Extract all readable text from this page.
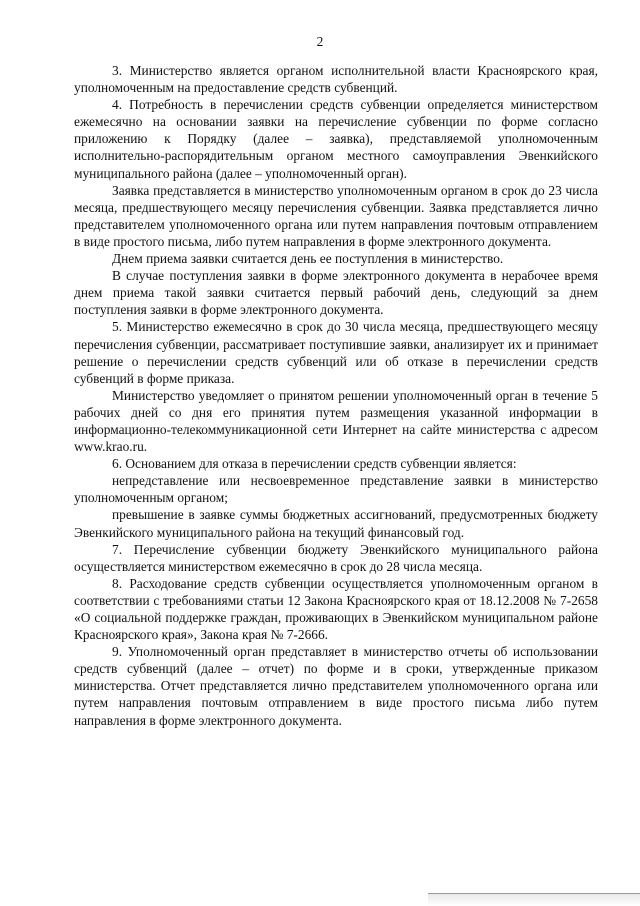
2

3. Министерство является органом исполнительной власти Красноярского края, уполномоченным на предоставление средств субвенций.

4. Потребность в перечислении средств субвенции определяется министерством ежемесячно на основании заявки на перечисление субвенции по форме согласно приложению к Порядку (далее – заявка), представляемой уполномоченным исполнительно-распорядительным органом местного самоуправления Эвенкийского муниципального района (далее – уполномоченный орган).

Заявка представляется в министерство уполномоченным органом в срок до 23 числа месяца, предшествующего месяцу перечисления субвенции. Заявка представляется лично представителем уполномоченного органа или путем направления почтовым отправлением в виде простого письма, либо путем направления в форме электронного документа.

Днем приема заявки считается день ее поступления в министерство.

В случае поступления заявки в форме электронного документа в нерабочее время днем приема такой заявки считается первый рабочий день, следующий за днем поступления заявки в форме электронного документа.

5. Министерство ежемесячно в срок до 30 числа месяца, предшествующего месяцу перечисления субвенции, рассматривает поступившие заявки, анализирует их и принимает решение о перечислении средств субвенций или об отказе в перечислении средств субвенций в форме приказа.

Министерство уведомляет о принятом решении уполномоченный орган в течение 5 рабочих дней со дня его принятия путем размещения указанной информации в информационно-телекоммуникационной сети Интернет на сайте министерства с адресом www.krao.ru.

6. Основанием для отказа в перечислении средств субвенции является:

непредставление или несвоевременное представление заявки в министерство уполномоченным органом;

превышение в заявке суммы бюджетных ассигнований, предусмотренных бюджету Эвенкийского муниципального района на текущий финансовый год.

7. Перечисление субвенции бюджету Эвенкийского муниципального района осуществляется министерством ежемесячно в срок до 28 числа месяца.

8. Расходование средств субвенции осуществляется уполномоченным органом в соответствии с требованиями статьи 12 Закона Красноярского края от 18.12.2008 № 7-2658 «О социальной поддержке граждан, проживающих в Эвенкийском муниципальном районе Красноярского края», Закона края № 7-2666.

9. Уполномоченный орган представляет в министерство отчеты об использовании средств субвенций (далее – отчет) по форме и в сроки, утвержденные приказом министерства. Отчет представляется лично представителем уполномоченного органа или путем направления почтовым отправлением в виде простого письма либо путем направления в форме электронного документа.
